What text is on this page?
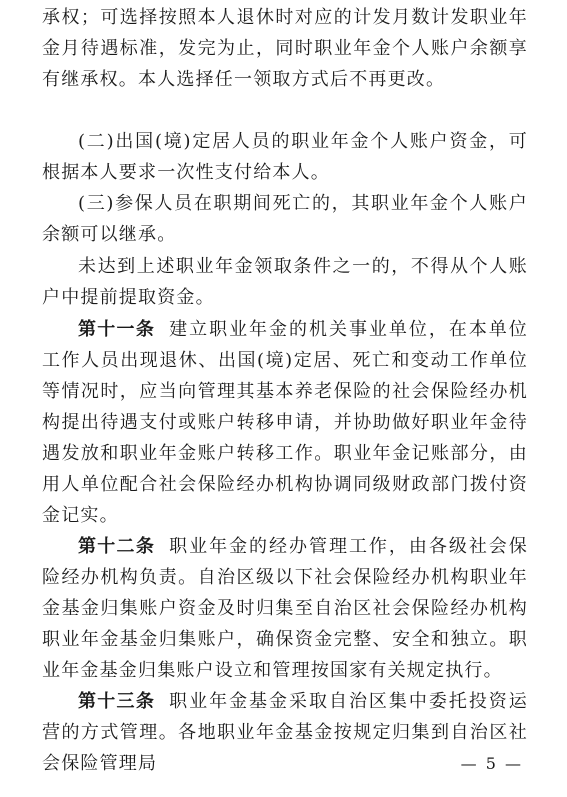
承权；可选择按照本人退休时对应的计发月数计发职业年金月待遇标准，发完为止，同时职业年金个人账户余额享有继承权。本人选择任一领取方式后不再更改。

(二)出国(境)定居人员的职业年金个人账户资金，可根据本人要求一次性支付给本人。

(三)参保人员在职期间死亡的，其职业年金个人账户余额可以继承。

未达到上述职业年金领取条件之一的，不得从个人账户中提前提取资金。

第十一条 建立职业年金的机关事业单位，在本单位工作人员出现退休、出国(境)定居、死亡和变动工作单位等情况时，应当向管理其基本养老保险的社会保险经办机构提出待遇支付或账户转移申请，并协助做好职业年金待遇发放和职业年金账户转移工作。职业年金记账部分，由用人单位配合社会保险经办机构协调同级财政部门拨付资金记实。

第十二条 职业年金的经办管理工作，由各级社会保险经办机构负责。自治区级以下社会保险经办机构职业年金基金归集账户资金及时归集至自治区社会保险经办机构职业年金基金归集账户，确保资金完整、安全和独立。职业年金基金归集账户设立和管理按国家有关规定执行。

第十三条 职业年金基金采取自治区集中委托投资运营的方式管理。各地职业年金基金按规定归集到自治区社会保险管理局	— 5 —
